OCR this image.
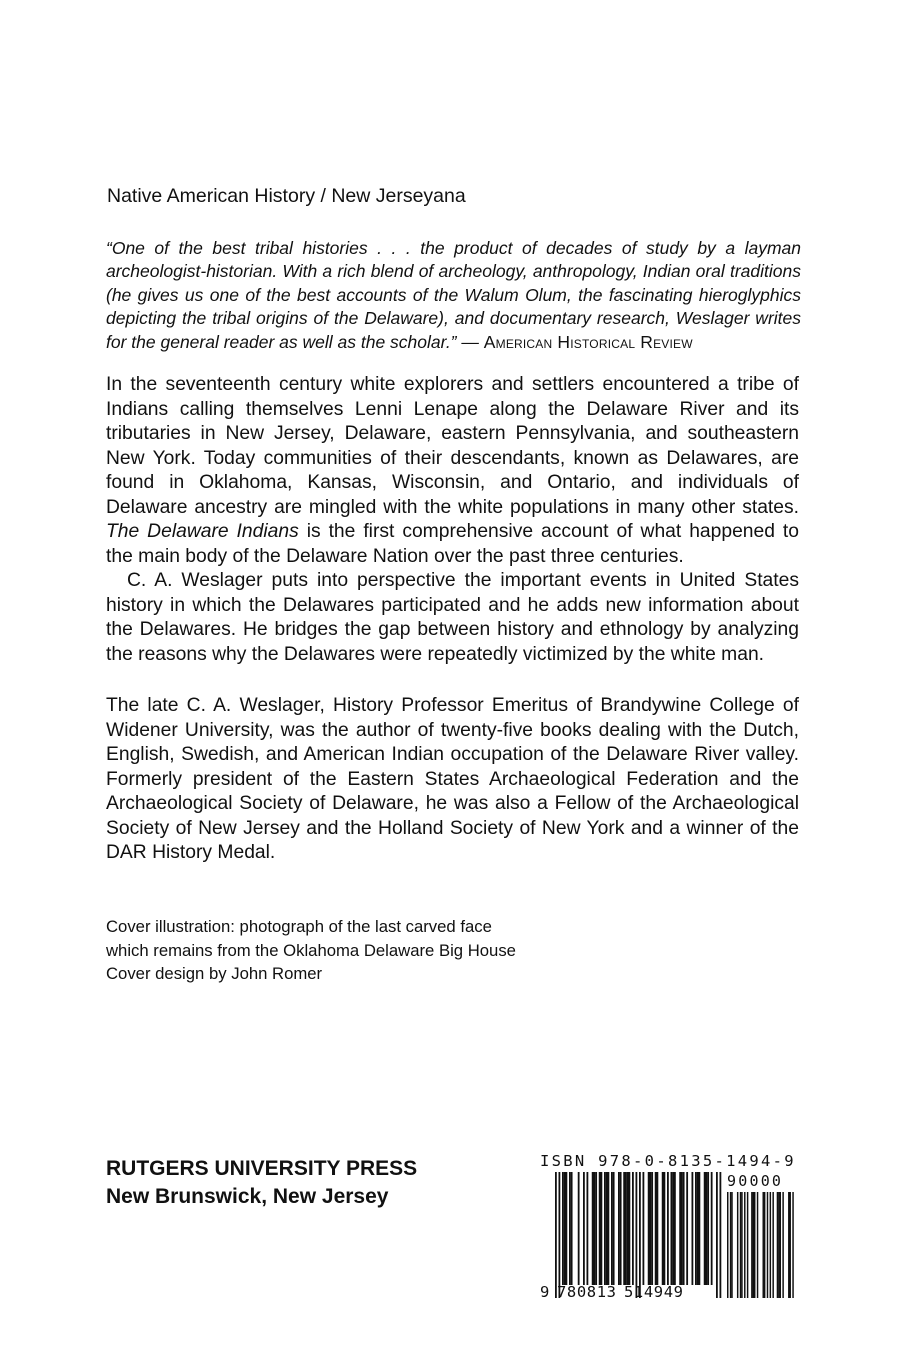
Native American History / New Jerseyana
“One of the best tribal histories . . . the product of decades of study by a layman archeologist-historian. With a rich blend of archeology, anthropology, Indian oral traditions (he gives us one of the best accounts of the Walum Olum, the fascinating hieroglyphics depicting the tribal origins of the Delaware), and documentary research, Weslager writes for the general reader as well as the scholar.” — American Historical Review

In the seventeenth century white explorers and settlers encountered a tribe of Indians calling themselves Lenni Lenape along the Delaware River and its tributaries in New Jersey, Delaware, eastern Pennsylvania, and southeastern New York. Today communities of their descendants, known as Delawares, are found in Oklahoma, Kansas, Wisconsin, and Ontario, and individuals of Delaware ancestry are mingled with the white populations in many other states. The Delaware Indians is the first comprehensive account of what happened to the main body of the Delaware Nation over the past three centuries.

C. A. Weslager puts into perspective the important events in United States history in which the Delawares participated and he adds new information about the Delawares. He bridges the gap between history and ethnology by analyzing the reasons why the Delawares were repeatedly victimized by the white man.

The late C. A. Weslager, History Professor Emeritus of Brandywine College of Widener University, was the author of twenty-five books dealing with the Dutch, English, Swedish, and American Indian occupation of the Delaware River valley. Formerly president of the Eastern States Archaeological Federation and the Archaeological Society of Delaware, he was also a Fellow of the Archaeological Society of New Jersey and the Holland Society of New York and a winner of the DAR History Medal.

Cover illustration: photograph of the last carved face
which remains from the Oklahoma Delaware Big House
Cover design by John Romer
RUTGERS UNIVERSITY PRESS
New Brunswick, New Jersey
ISBN 978-0-8135-1494-9
90000
9 780813 514949
